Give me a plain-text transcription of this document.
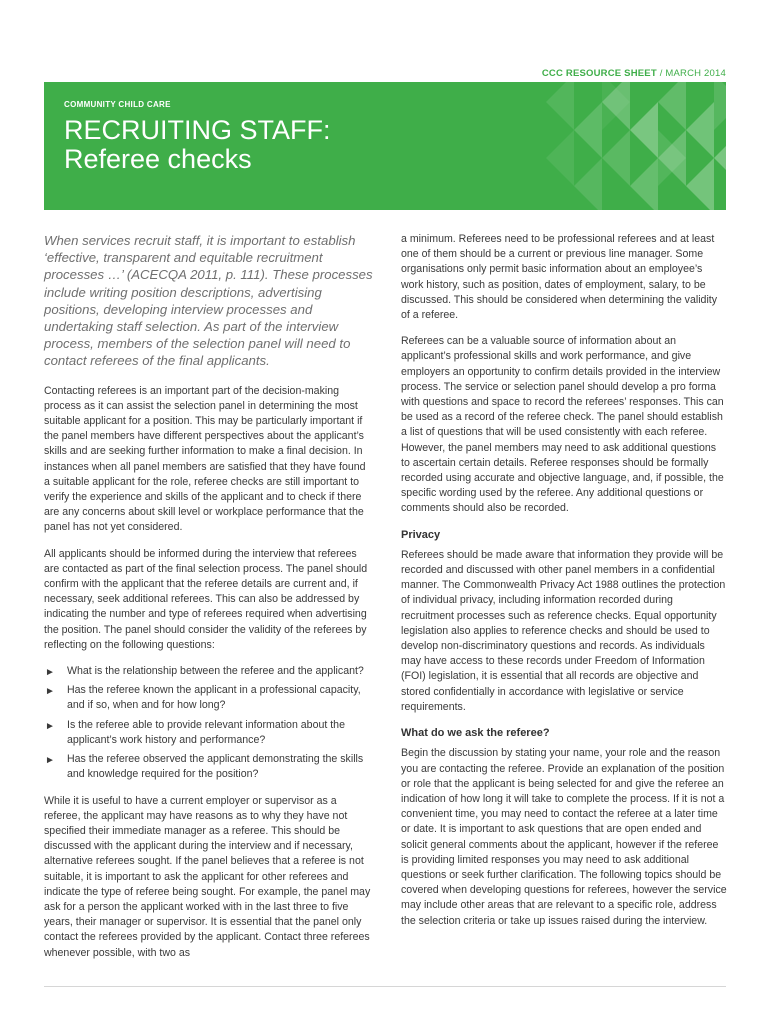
CCC RESOURCE SHEET / MARCH 2014
COMMUNITY CHILD CARE
RECRUITING STAFF:
Referee checks

When services recruit staff, it is important to establish ‘effective, transparent and equitable recruitment processes …’ (ACECQA 2011, p. 111). These processes include writing position descriptions, advertising positions, developing interview processes and undertaking staff selection. As part of the interview process, members of the selection panel will need to contact referees of the final applicants.

Contacting referees is an important part of the decision-making process as it can assist the selection panel in determining the most suitable applicant for a position. This may be particularly important if the panel members have different perspectives about the applicant’s skills and are seeking further information to make a final decision. In instances when all panel members are satisfied that they have found a suitable applicant for the role, referee checks are still important to verify the experience and skills of the applicant and to check if there are any concerns about skill level or workplace performance that the panel has not yet considered.

All applicants should be informed during the interview that referees are contacted as part of the final selection process. The panel should confirm with the applicant that the referee details are current and, if necessary, seek additional referees. This can also be addressed by indicating the number and type of referees required when advertising the position. The panel should consider the validity of the referees by reflecting on the following questions:

► What is the relationship between the referee and the applicant?
► Has the referee known the applicant in a professional capacity, and if so, when and for how long?
► Is the referee able to provide relevant information about the applicant’s work history and performance?
► Has the referee observed the applicant demonstrating the skills and knowledge required for the position?

While it is useful to have a current employer or supervisor as a referee, the applicant may have reasons as to why they have not specified their immediate manager as a referee. This should be discussed with the applicant during the interview and if necessary, alternative referees sought. If the panel believes that a referee is not suitable, it is important to ask the applicant for other referees and indicate the type of referee being sought. For example, the panel may ask for a person the applicant worked with in the last three to five years, their manager or supervisor. It is essential that the panel only contact the referees provided by the applicant. Contact three referees whenever possible, with two as

a minimum. Referees need to be professional referees and at least one of them should be a current or previous line manager. Some organisations only permit basic information about an employee’s work history, such as position, dates of employment, salary, to be discussed. This should be considered when determining the validity of a referee.

Referees can be a valuable source of information about an applicant’s professional skills and work performance, and give employers an opportunity to confirm details provided in the interview process. The service or selection panel should develop a pro forma with questions and space to record the referees’ responses. This can be used as a record of the referee check. The panel should establish a list of questions that will be used consistently with each referee. However, the panel members may need to ask additional questions to ascertain certain details. Referee responses should be formally recorded using accurate and objective language, and, if possible, the specific wording used by the referee. Any additional questions or comments should also be recorded.

Privacy

Referees should be made aware that information they provide will be recorded and discussed with other panel members in a confidential manner. The Commonwealth Privacy Act 1988 outlines the protection of individual privacy, including information recorded during recruitment processes such as reference checks. Equal opportunity legislation also applies to reference checks and should be used to develop non-discriminatory questions and records. As individuals may have access to these records under Freedom of Information (FOI) legislation, it is essential that all records are objective and stored confidentially in accordance with legislative or service requirements.

What do we ask the referee?

Begin the discussion by stating your name, your role and the reason you are contacting the referee. Provide an explanation of the position or role that the applicant is being selected for and give the referee an indication of how long it will take to complete the process. If it is not a convenient time, you may need to contact the referee at a later time or date. It is important to ask questions that are open ended and solicit general comments about the applicant, however if the referee is providing limited responses you may need to ask additional questions or seek further clarification. The following topics should be covered when developing questions for referees, however the service may include other areas that are relevant to a specific role, address the selection criteria or take up issues raised during the interview.
